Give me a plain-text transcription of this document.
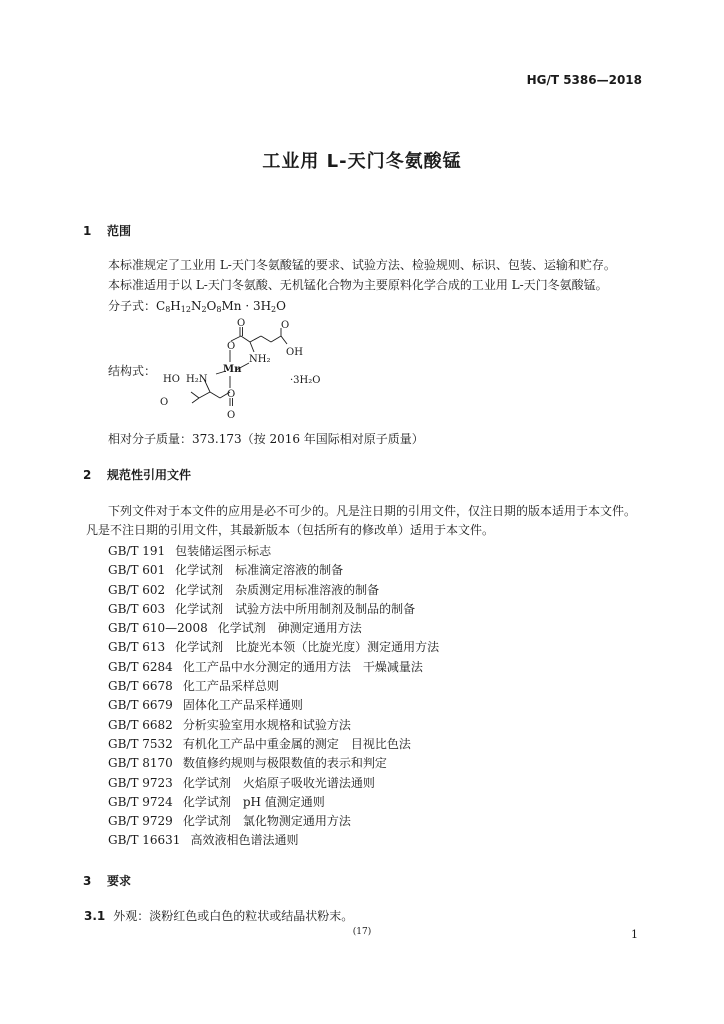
HG/T 5386—2018
工业用 L-天门冬氨酸锰
1 范围
本标准规定了工业用 L-天门冬氨酸锰的要求、试验方法、检验规则、标识、包装、运输和贮存。
本标准适用于以 L-天门冬氨酸、无机锰化合物为主要原料化学合成的工业用 L-天门冬氨酸锰。
分子式：$C_8H_{12}N_2O_8Mn \cdot 3H_2O$
结构式：
O	O
O
NH₂
OH
Mn
H₂N
HO
O
O
O
·3H₂O
相对分子质量：373.173（按 2016 年国际相对原子质量）
2 规范性引用文件
下列文件对于本文件的应用是必不可少的。凡是注日期的引用文件，仅注日期的版本适用于本文件。凡是不注日期的引用文件，其最新版本（包括所有的修改单）适用于本文件。
GB/T 191 包装储运图示标志
GB/T 601 化学试剂　标准滴定溶液的制备
GB/T 602 化学试剂　杂质测定用标准溶液的制备
GB/T 603 化学试剂　试验方法中所用制剂及制品的制备
GB/T 610—2008 化学试剂　砷测定通用方法
GB/T 613 化学试剂　比旋光本领（比旋光度）测定通用方法
GB/T 6284 化工产品中水分测定的通用方法　干燥减量法
GB/T 6678 化工产品采样总则
GB/T 6679 固体化工产品采样通则
GB/T 6682 分析实验室用水规格和试验方法
GB/T 7532 有机化工产品中重金属的测定　目视比色法
GB/T 8170 数值修约规则与极限数值的表示和判定
GB/T 9723 化学试剂　火焰原子吸收光谱法通则
GB/T 9724 化学试剂　pH 值测定通则
GB/T 9729 化学试剂　氯化物测定通用方法
GB/T 16631 高效液相色谱法通则
3 要求
3.1 外观：淡粉红色或白色的粒状或结晶状粉末。
(17)	1
